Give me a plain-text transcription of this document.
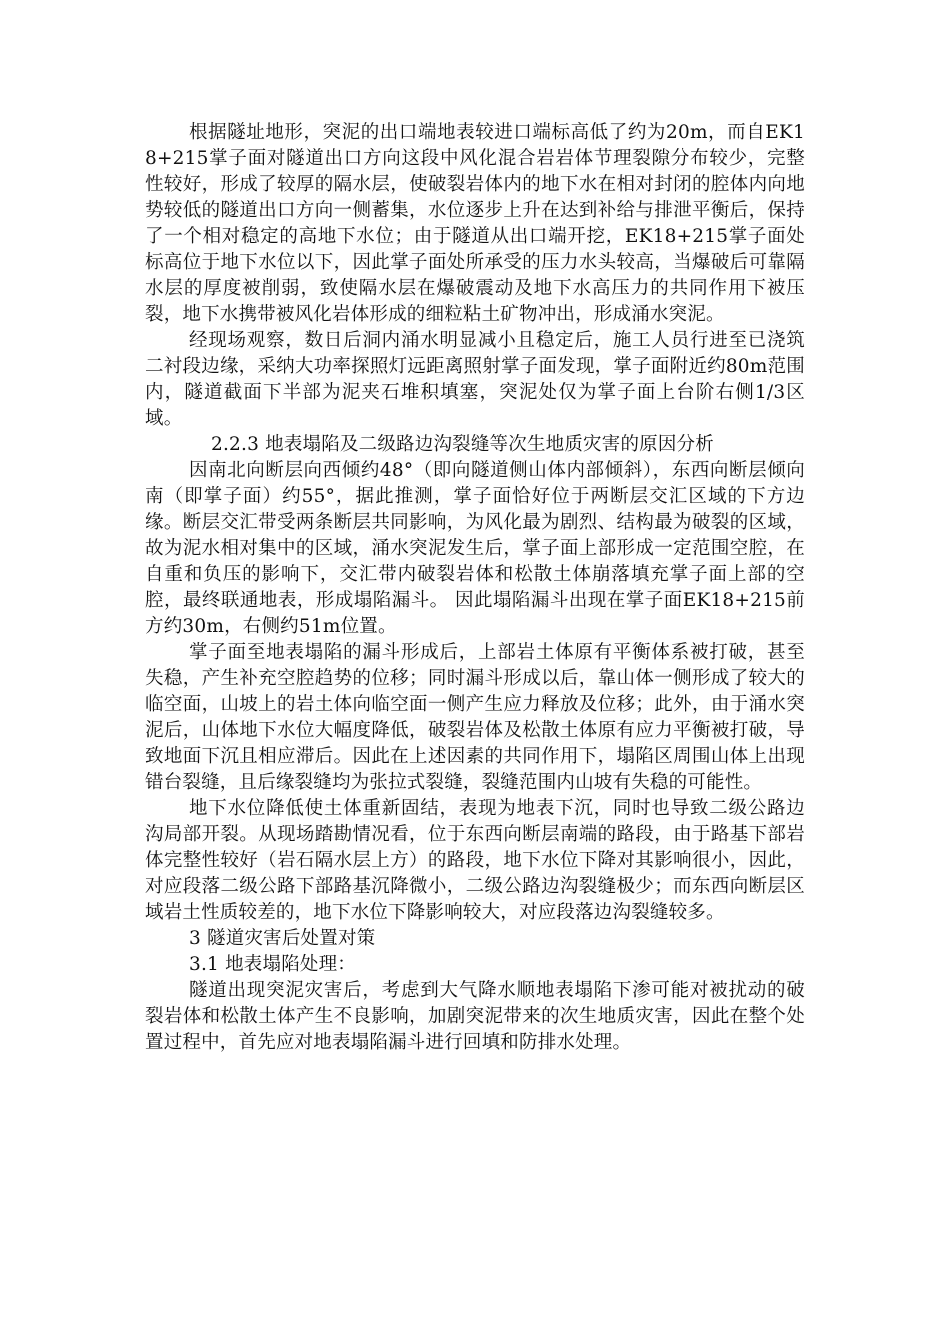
根据隧址地形，突泥的出口端地表较进口端标高低了约为20m，而自EK18+215掌子面对隧道出口方向这段中风化混合岩岩体节理裂隙分布较少，完整性较好，形成了较厚的隔水层，使破裂岩体内的地下水在相对封闭的腔体内向地势较低的隧道出口方向一侧蓄集，水位逐步上升在达到补给与排泄平衡后，保持了一个相对稳定的高地下水位；由于隧道从出口端开挖，EK18+215掌子面处标高位于地下水位以下，因此掌子面处所承受的压力水头较高，当爆破后可靠隔水层的厚度被削弱，致使隔水层在爆破震动及地下水高压力的共同作用下被压裂，地下水携带被风化岩体形成的细粒粘土矿物冲出，形成涌水突泥。

经现场观察，数日后洞内涌水明显减小且稳定后，施工人员行进至已浇筑二衬段边缘，采纳大功率探照灯远距离照射掌子面发现，掌子面附近约80m范围内，隧道截面下半部为泥夹石堆积填塞，突泥处仅为掌子面上台阶右侧1/3区域。

2.2.3 地表塌陷及二级路边沟裂缝等次生地质灾害的原因分析

因南北向断层向西倾约48°（即向隧道侧山体内部倾斜），东西向断层倾向南（即掌子面）约55°，据此推测，掌子面恰好位于两断层交汇区域的下方边缘。断层交汇带受两条断层共同影响，为风化最为剧烈、结构最为破裂的区域，故为泥水相对集中的区域，涌水突泥发生后，掌子面上部形成一定范围空腔，在自重和负压的影响下，交汇带内破裂岩体和松散土体崩落填充掌子面上部的空腔，最终联通地表，形成塌陷漏斗。 因此塌陷漏斗出现在掌子面EK18+215前方约30m，右侧约51m位置。

掌子面至地表塌陷的漏斗形成后，上部岩土体原有平衡体系被打破，甚至失稳，产生补充空腔趋势的位移；同时漏斗形成以后，靠山体一侧形成了较大的临空面，山坡上的岩土体向临空面一侧产生应力释放及位移；此外，由于涌水突泥后，山体地下水位大幅度降低，破裂岩体及松散土体原有应力平衡被打破，导致地面下沉且相应滞后。因此在上述因素的共同作用下，塌陷区周围山体上出现错台裂缝，且后缘裂缝均为张拉式裂缝，裂缝范围内山坡有失稳的可能性。

地下水位降低使土体重新固结，表现为地表下沉，同时也导致二级公路边沟局部开裂。从现场踏勘情况看，位于东西向断层南端的路段，由于路基下部岩体完整性较好（岩石隔水层上方）的路段，地下水位下降对其影响很小，因此，对应段落二级公路下部路基沉降微小，二级公路边沟裂缝极少；而东西向断层区域岩土性质较差的，地下水位下降影响较大，对应段落边沟裂缝较多。

3 隧道灾害后处置对策

3.1 地表塌陷处理：

隧道出现突泥灾害后，考虑到大气降水顺地表塌陷下渗可能对被扰动的破裂岩体和松散土体产生不良影响，加剧突泥带来的次生地质灾害，因此在整个处置过程中，首先应对地表塌陷漏斗进行回填和防排水处理。
